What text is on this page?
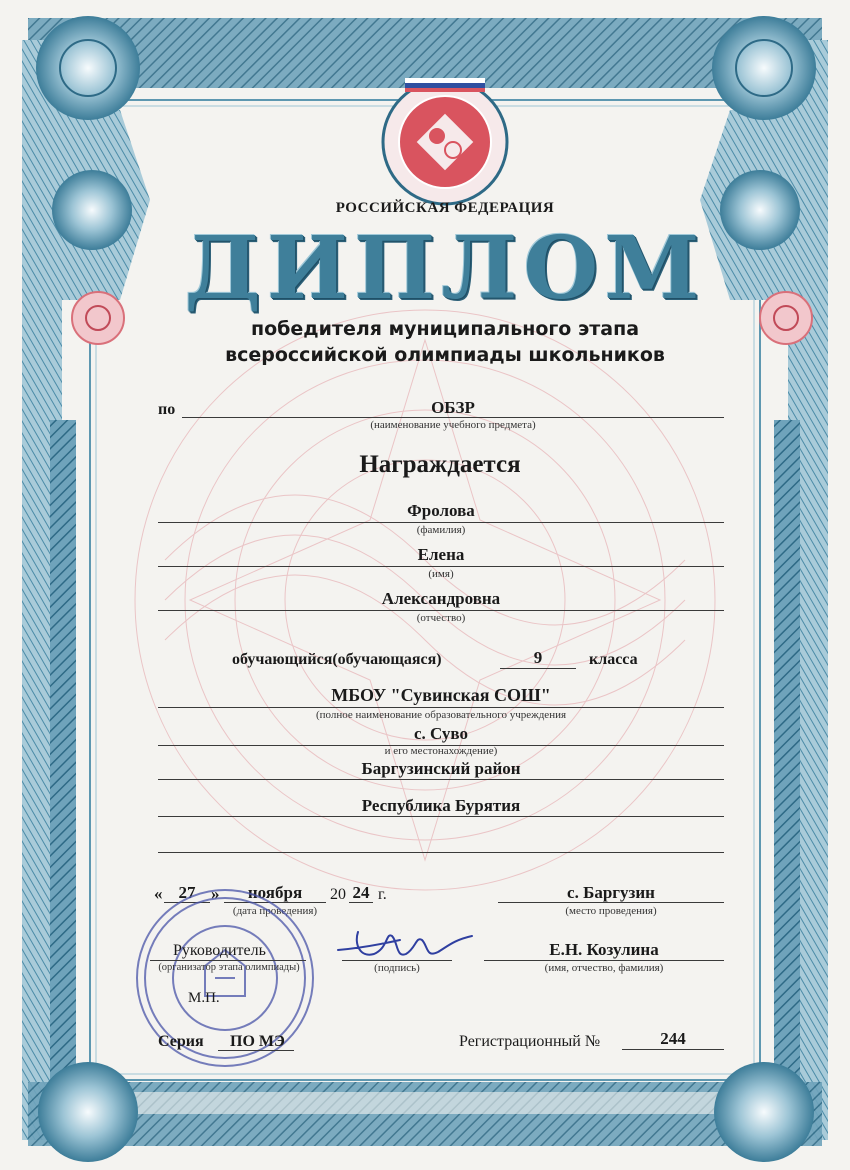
РОССИЙСКАЯ ФЕДЕРАЦИЯ
ДИПЛОМ
победителя муниципального этапа
всероссийской олимпиады школьников
по	ОБЗР
(наименование учебного предмета)
Награждается
Фролова
(фамилия)
Елена
(имя)
Александровна
(отчество)
обучающийся(обучающаяся)	9	класса
МБОУ "Сувинская СОШ"
(полное наименование образовательного учреждения
с. Суво
и его местонахождение)
Баргузинский район
Республика Бурятия
« 27 »	ноября	20 24 г.
(дата проведения)
с. Баргузин
(место проведения)
Руководитель
(организатор этапа олимпиады)	(подпись)
Е.Н. Козулина
(имя, отчество, фамилия)
М.П.
Серия ПО МЭ	Регистрационный №	244
